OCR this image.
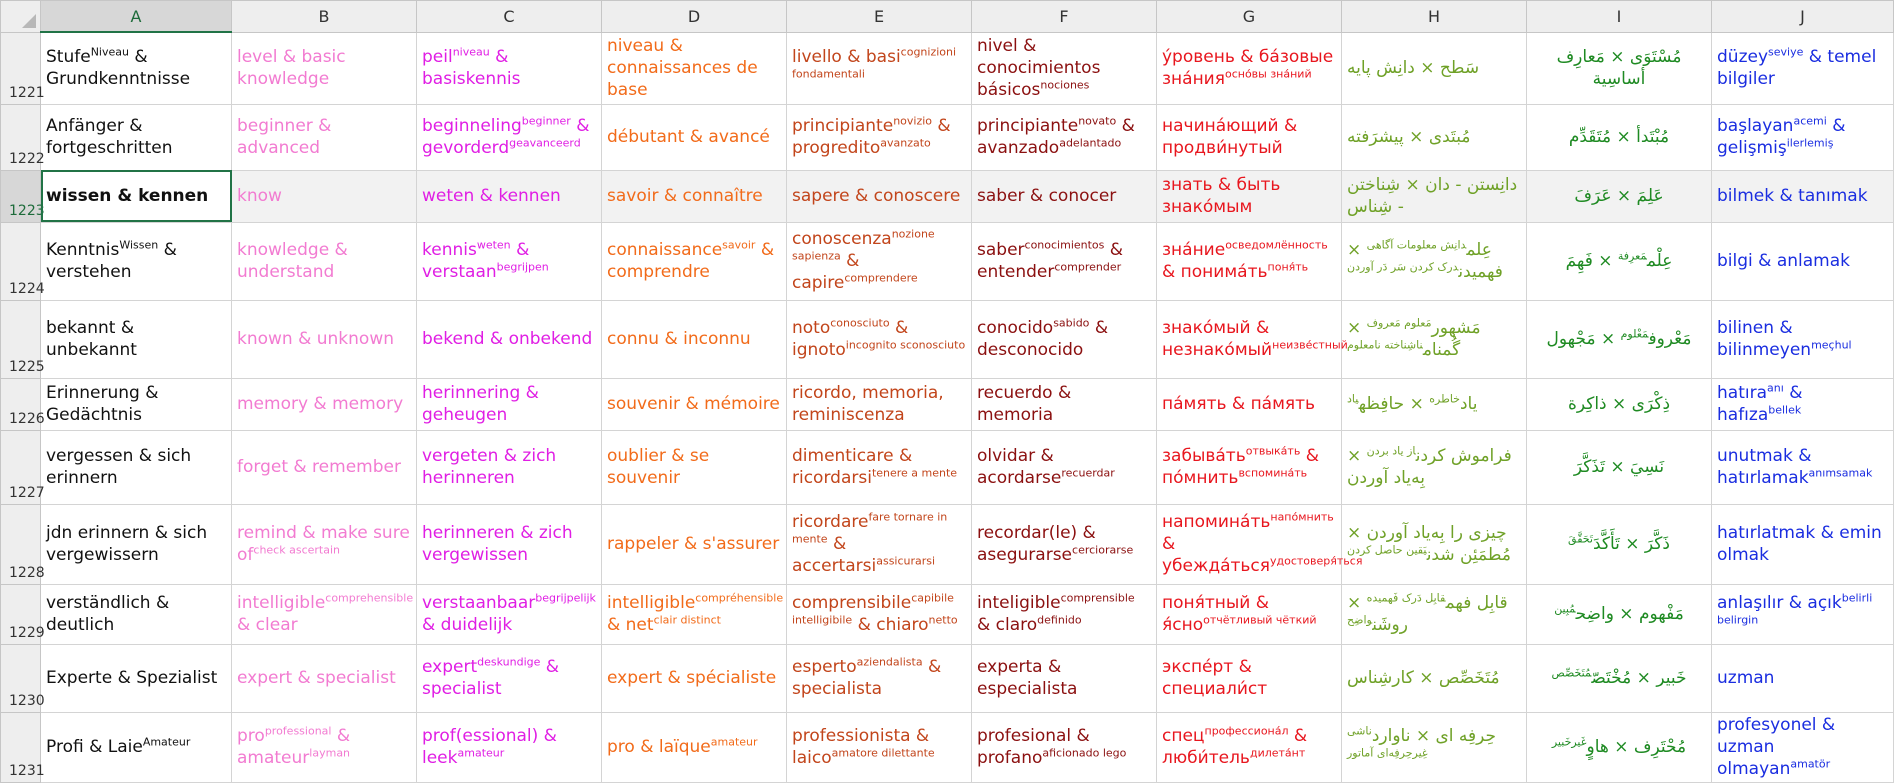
	A	B	C	D	E	F	G	H	I	J
1221	Stufe$^{Niveau}$ & Grundkenntnisse	level & basic knowledge	peil$^{niveau}$ & basiskennis	niveau & connaissances de base	livello & basi$^{cognizioni fondamentali}$	nivel & conocimientos básicos$^{nociones}$	у́ровень & ба́зовые зна́ния$^{осно́вы зна́ний}$	سَطح × دانِش پایه	مُسْتَوَى × مَعارِف أساسِية	düzey$^{seviye}$ & temel bilgiler

1222	Anfänger & fortgeschritten	beginner & advanced	beginneling$^{beginner}$ & gevorderd$^{geavanceerd}$	débutant & avancé	principiante$^{novizio}$ & progredito$^{avanzato}$	principiante$^{novato}$ & avanzado$^{adelantado}$	начина́ющий & продви́нутый	مُبتَدی × پیشرَفته	مُبْتَدأ × مُتَقَدِّم	başlayan$^{acemi}$ & gelişmiş$^{ilerlemiş}$

1223	wissen & kennen	know	weten & kennen	savoir & connaître	sapere & conoscere	saber & conocer	знать & быть знако́мым	دانِستن - دان × شِناختن - شِناس	عَلِمَ × عَرَفَ	bilmek & tanımak

1224	Kenntnis$^{Wissen}$ & verstehen	knowledge & understand	kennis$^{weten}$ & verstaan$^{begrijpen}$	connaissance$^{savoir}$ & comprendre	conoscenza$^{nozione sapienza}$ & capire$^{comprendere}$	saber$^{conocimientos}$ & entender$^{comprender}$	зна́ние$^{осведомлённость}$ & $понима́ть^{поня́ть}$	عِلم$^{دانِش معلومات آگاهی}$ × فهمیدن$^{درک کردن سَر دَر آوردن}$	عِلْم$^{مَعرِفة}$ × فَهِمَ	bilgi & anlamak

1225	bekannt & unbekannt	known & unknown	bekend & onbekend	connu & inconnu	noto$^{conosciuto}$ & ignoto$^{incognito sconosciuto}$	conocido$^{sabido}$ & desconocido	знако́мый & незнако́мый$^{неизве́стный}$	مَشهور$^{مَعلوم مَعروف}$ × گُمنام$^{ناشِناخته نامعلوم}$	مَعْروف$^{مَعْلوم}$ × مَجْهول	bilinen & bilinmeyen$^{meçhul}$

1226	Erinnerung & Gedächtnis	memory & memory	herinnering & geheugen	souvenir & mémoire	ricordo, memoria, reminiscenza	recuerdo & memoria	па́мять & па́мять	یاد$^{خاطره}$ × حافِظه$^{یاد}$	ذِكْرَى × ذاكِرة	hatıra$^{anı}$ & hafıza$^{bellek}$

1227	vergessen & sich erinnern	forget & remember	vergeten & zich herinneren	oublier & se souvenir	dimenticare & ricordarsi$^{tenere a mente}$	olvidar & acordarse$^{recuerdar}$	$забыва́ть^{отвыка́ть}$ & по́мнить$^{вспомина́ть}$	فراموش کردن$^{از یاد بردن}$ × بِه‌یاد آوردن	نَسِيَ × تَذَكَّرَ	unutmak & hatırlamak$^{anımsamak}$

1228	jdn erinnern & sich vergewissern	remind & make sure $of^{check ascertain}$	herinneren & zich vergewissen	rappeler & s'assurer	ricordare$^{fare tornare in mente}$ & accertarsi$^{assicurarsi}$	recordar(le) & asegurarse$^{cerciorarse}$	$напомина́ть^{напо́мнить}$ & убежда́ться$^{удостоверя́ться}$	چیزی را بِه‌یاد آوردن × مُطمَئِن شدن$^{یَقین حاصل کردن}$	ذَكَّرَ × تَأَكَّدَ$^{تَحَقَّقَ}$	hatırlatmak & emin olmak

1229	verständlich & deutlich	intelligible$^{comprehensible}$ & clear	verstaanbaar$^{begrijpelijk}$ & duidelijk	intelligible$^{compréhensible}$ & net$^{clair distinct}$	comprensibile$^{capibile intelligibile}$ & chiaro$^{netto}$	inteligible$^{comprensible}$ & claro$^{definido}$	поня́тный & я́сно$^{отчётливый чёткий}$	قابِل فهم$^{قابِل دَرک فَهمیده}$ × روشَن$^{واضِح}$	مَفْهوم × واضِح$^{مُبِين}$	anlaşılır & açık$^{belirli belirgin}$

1230	Experte & Spezialist	expert & specialist	expert$^{deskundige}$ & specialist	expert & spécialiste	esperto$^{aziendalista}$ & specialista	experta & especialista	экспе́рт & специали́ст	مُتَخَصِّص × کارشِناس	خَبير × مُخْتَصّ$^{مُتَخَصِّص}$	uzman

1231	Profi & Laie$^{Amateur}$	pro$^{professional}$ & amateur$^{layman}$	prof(essional) & leek$^{amateur}$	pro & laïque$^{amateur}$	professionista & laico$^{amatore dilettante}$	profesional & profano$^{aficionado lego}$	спец$^{профессиона́л}$ & люби́тель$^{дилета́нт}$	حِرفِه ای × ناوارد$^{ناشی غِیرحِرفِه‌ای آماتور}$	مُحْتَرِف × هاوٍ$^{غَيرخَبير}$	profesyonel & uzman olmayan$^{amatör}$
